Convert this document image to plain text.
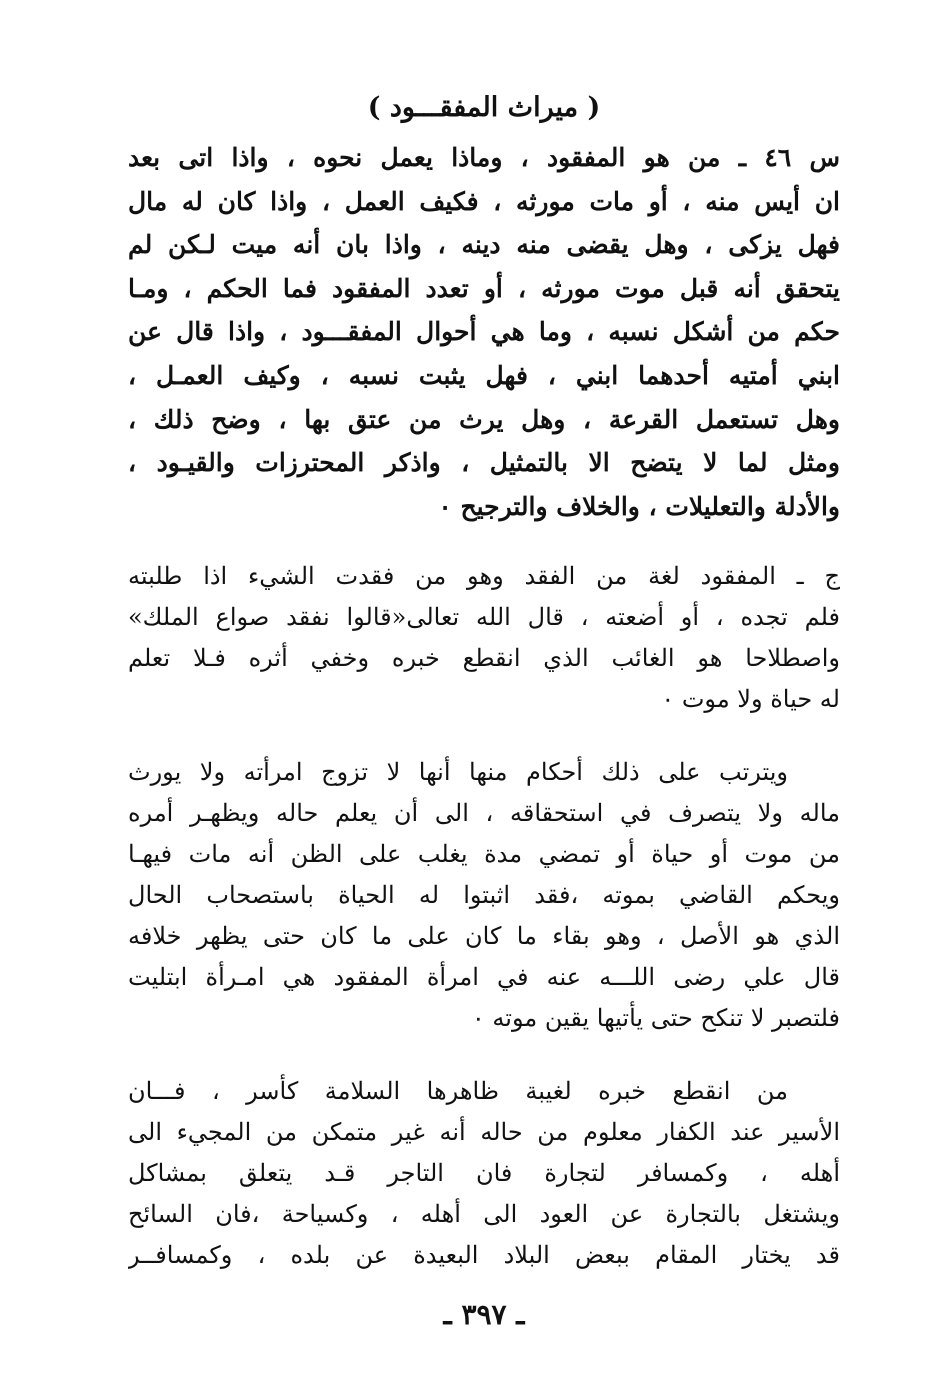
( ميراث المفقـــود )
س ٤٦ ـ من هو المفقود ، وماذا يعمل نحوه ، واذا اتى بعد
ان أيس منه ، أو مات مورثه ، فكيف العمل ، واذا كان له مال
فهل يزكى ، وهل يقضى منه دينه ، واذا بان أنه ميت لـكن لم
يتحقق أنه قبل موت مورثه ، أو تعدد المفقود فما الحكم ، ومـا
حكم من أشكل نسبه ، وما هي أحوال المفقـــود ، واذا قال عن
ابني أمتيه أحدهما ابني ، فهل يثبت نسبه ، وكيف العمـل ،
وهل تستعمل القرعة ، وهل يرث من عتق بها ، وضح ذلك ،
ومثل لما لا يتضح الا بالتمثيل ، واذكر المحترزات والقيـود ،
والأدلة والتعليلات ، والخلاف والترجيح ٠
ج ـ المفقود لغة من الفقد وهو من فقدت الشيء اذا طلبته
فلم تجده ، أو أضعته ، قال الله تعالى«قالوا نفقد صواع الملك»
واصطلاحا هو الغائب الذي انقطع خبره وخفي أثره فـلا تعلم
له حياة ولا موت ٠
ويترتب على ذلك أحكام منها أنها لا تزوج امرأته ولا يورث
ماله ولا يتصرف في استحقاقه ، الى أن يعلم حاله ويظهـر أمره
من موت أو حياة أو تمضي مدة يغلب على الظن أنه مات فيهـا
ويحكم القاضي بموته ،فقد اثبتوا له الحياة باستصحاب الحال
الذي هو الأصل ، وهو بقاء ما كان على ما كان حتى يظهر خلافه
قال علي رضى اللـــه عنه في امرأة المفقود هي امـرأة ابتليت
فلتصبر لا تنكح حتى يأتيها يقين موته ٠
من انقطع خبره لغيبة ظاهرها السلامة كأسر ، فـــان
الأسير عند الكفار معلوم من حاله أنه غير متمكن من المجيء الى
أهله ، وكمسافر لتجارة فان التاجر قـد يتعلق بمشاكل
ويشتغل بالتجارة عن العود الى أهله ، وكسياحة ،فان السائح
قد يختار المقام ببعض البلاد البعيدة عن بلده ، وكمسافــر
ـ ٣٩٧ ـ
